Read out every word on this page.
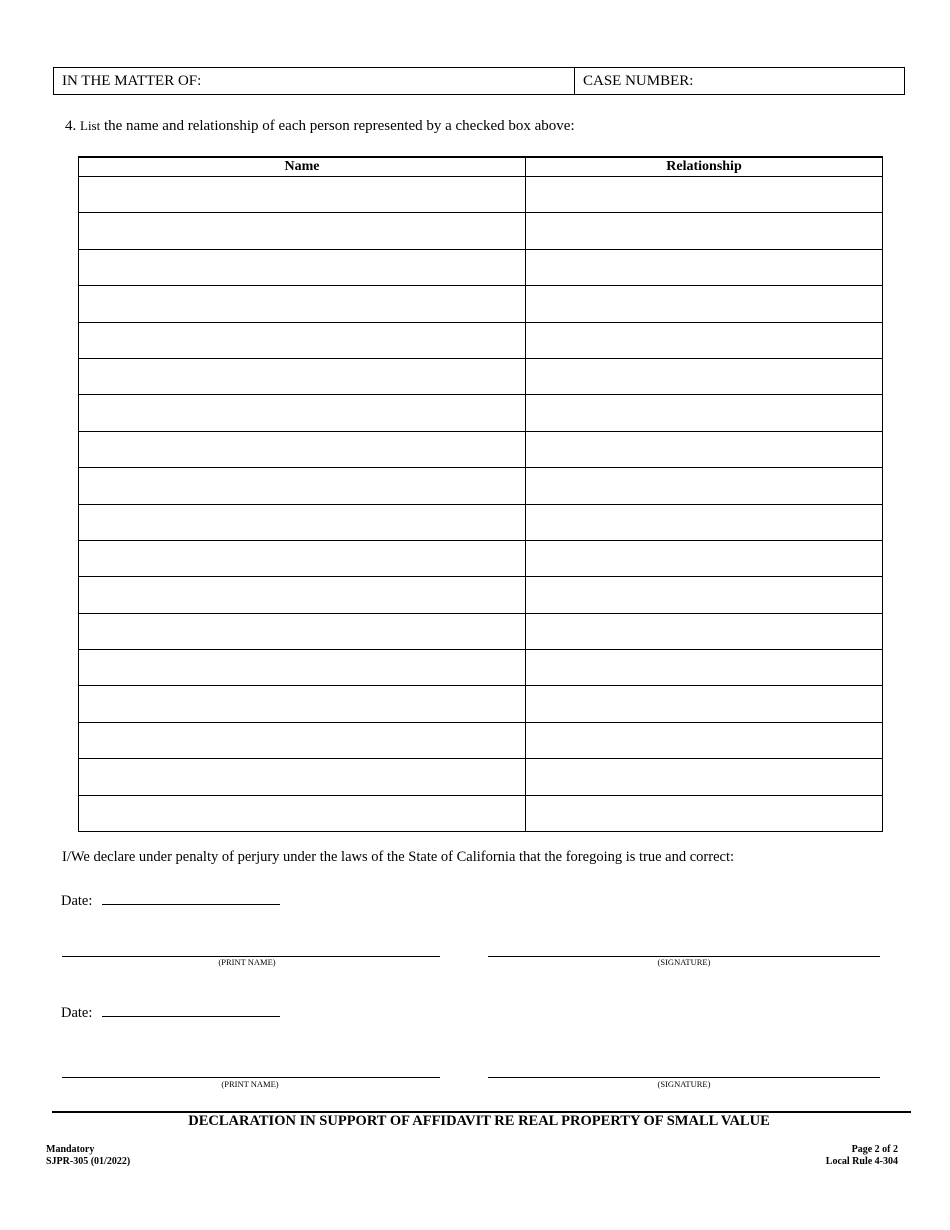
IN THE MATTER OF:	CASE NUMBER:
4. List the name and relationship of each person represented by a checked box above:
Name	Relationship

I/We declare under penalty of perjury under the laws of the State of California that the foregoing is true and correct:
Date:
(PRINT NAME)	(SIGNATURE)
Date:
(PRINT NAME)	(SIGNATURE)
DECLARATION IN SUPPORT OF AFFIDAVIT RE REAL PROPERTY OF SMALL VALUE
Mandatory
SJPR-305 (01/2022)
Page 2 of 2
Local Rule 4-304
